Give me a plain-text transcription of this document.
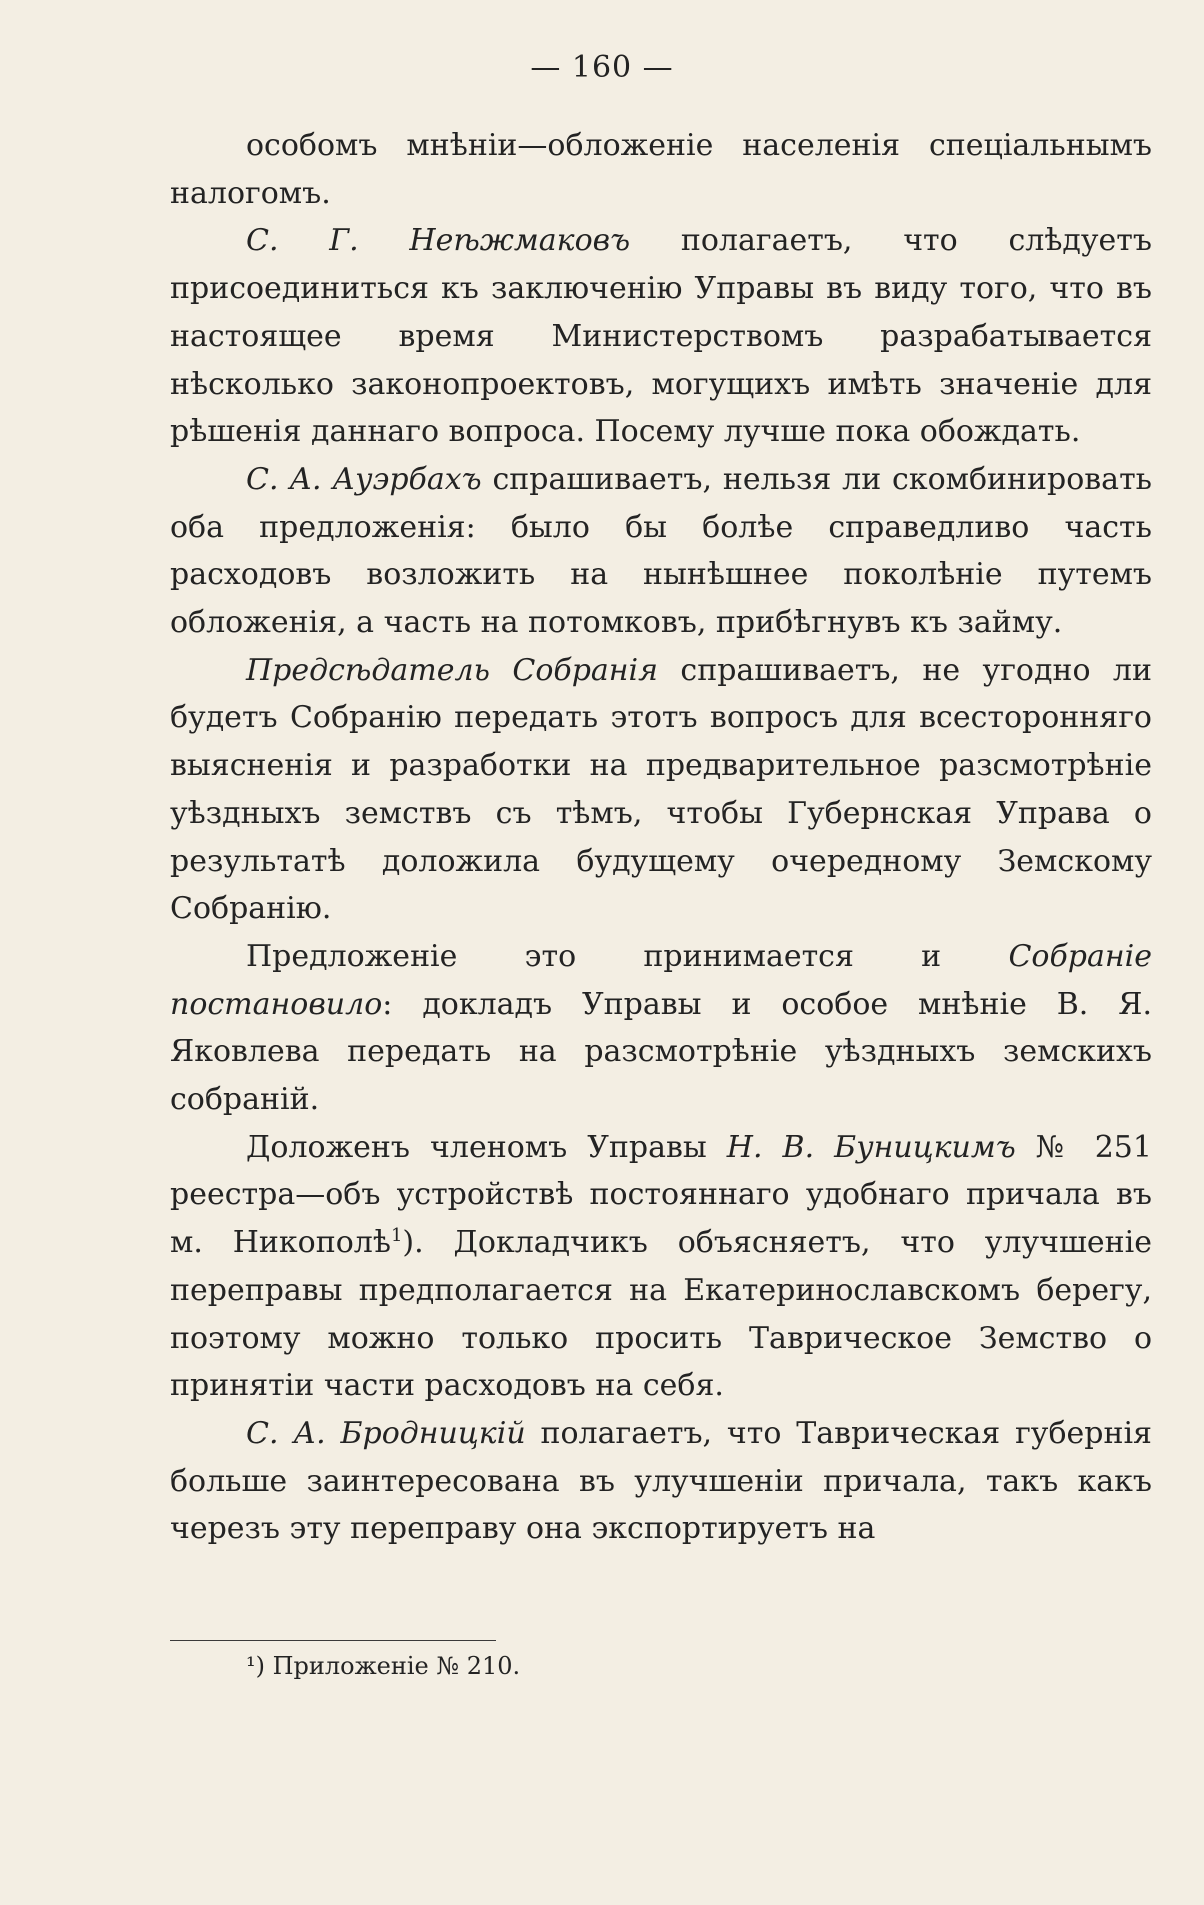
— 160 —

особомъ мнѣніи—обложеніе населенія спеціальнымъ налогомъ.

С. Г. Неѣжмаковъ полагаетъ, что слѣдуетъ присоединиться къ заключенію Управы въ виду того, что въ настоящее время Министерствомъ разрабатывается нѣсколько законопроектовъ, могущихъ имѣть значеніе для рѣшенія даннаго вопроса. Посему лучше пока обождать.

С. А. Ауэрбахъ спрашиваетъ, нельзя ли скомбинировать оба предложенія: было бы болѣе справедливо часть расходовъ возложить на нынѣшнее поколѣніе путемъ обложенія, а часть на потомковъ, прибѣгнувъ къ займу.

Предсѣдатель Собранія спрашиваетъ, не угодно ли будетъ Собранію передать этотъ вопросъ для всесторонняго выясненія и разработки на предварительное разсмотрѣніе уѣздныхъ земствъ съ тѣмъ, чтобы Губернская Управа о результатѣ доложила будущему очередному Земскому Собранію.

Предложеніе это принимается и Собраніе постановило: докладъ Управы и особое мнѣніе В. Я. Яковлева передать на разсмотрѣніе уѣздныхъ земскихъ собраній.

Доложенъ членомъ Управы Н. В. Буницкимъ № 251 реестра—объ устройствѣ постояннаго удобнаго причала въ м. Никополѣ$^1$). Докладчикъ объясняетъ, что улучшеніе переправы предполагается на Екатеринославскомъ берегу, поэтому можно только просить Таврическое Земство о принятіи части расходовъ на себя.

С. А. Бродницкій полагаетъ, что Таврическая губернія больше заинтересована въ улучшеніи причала, такъ какъ черезъ эту переправу она экспортируетъ на

¹) Приложеніе № 210.
